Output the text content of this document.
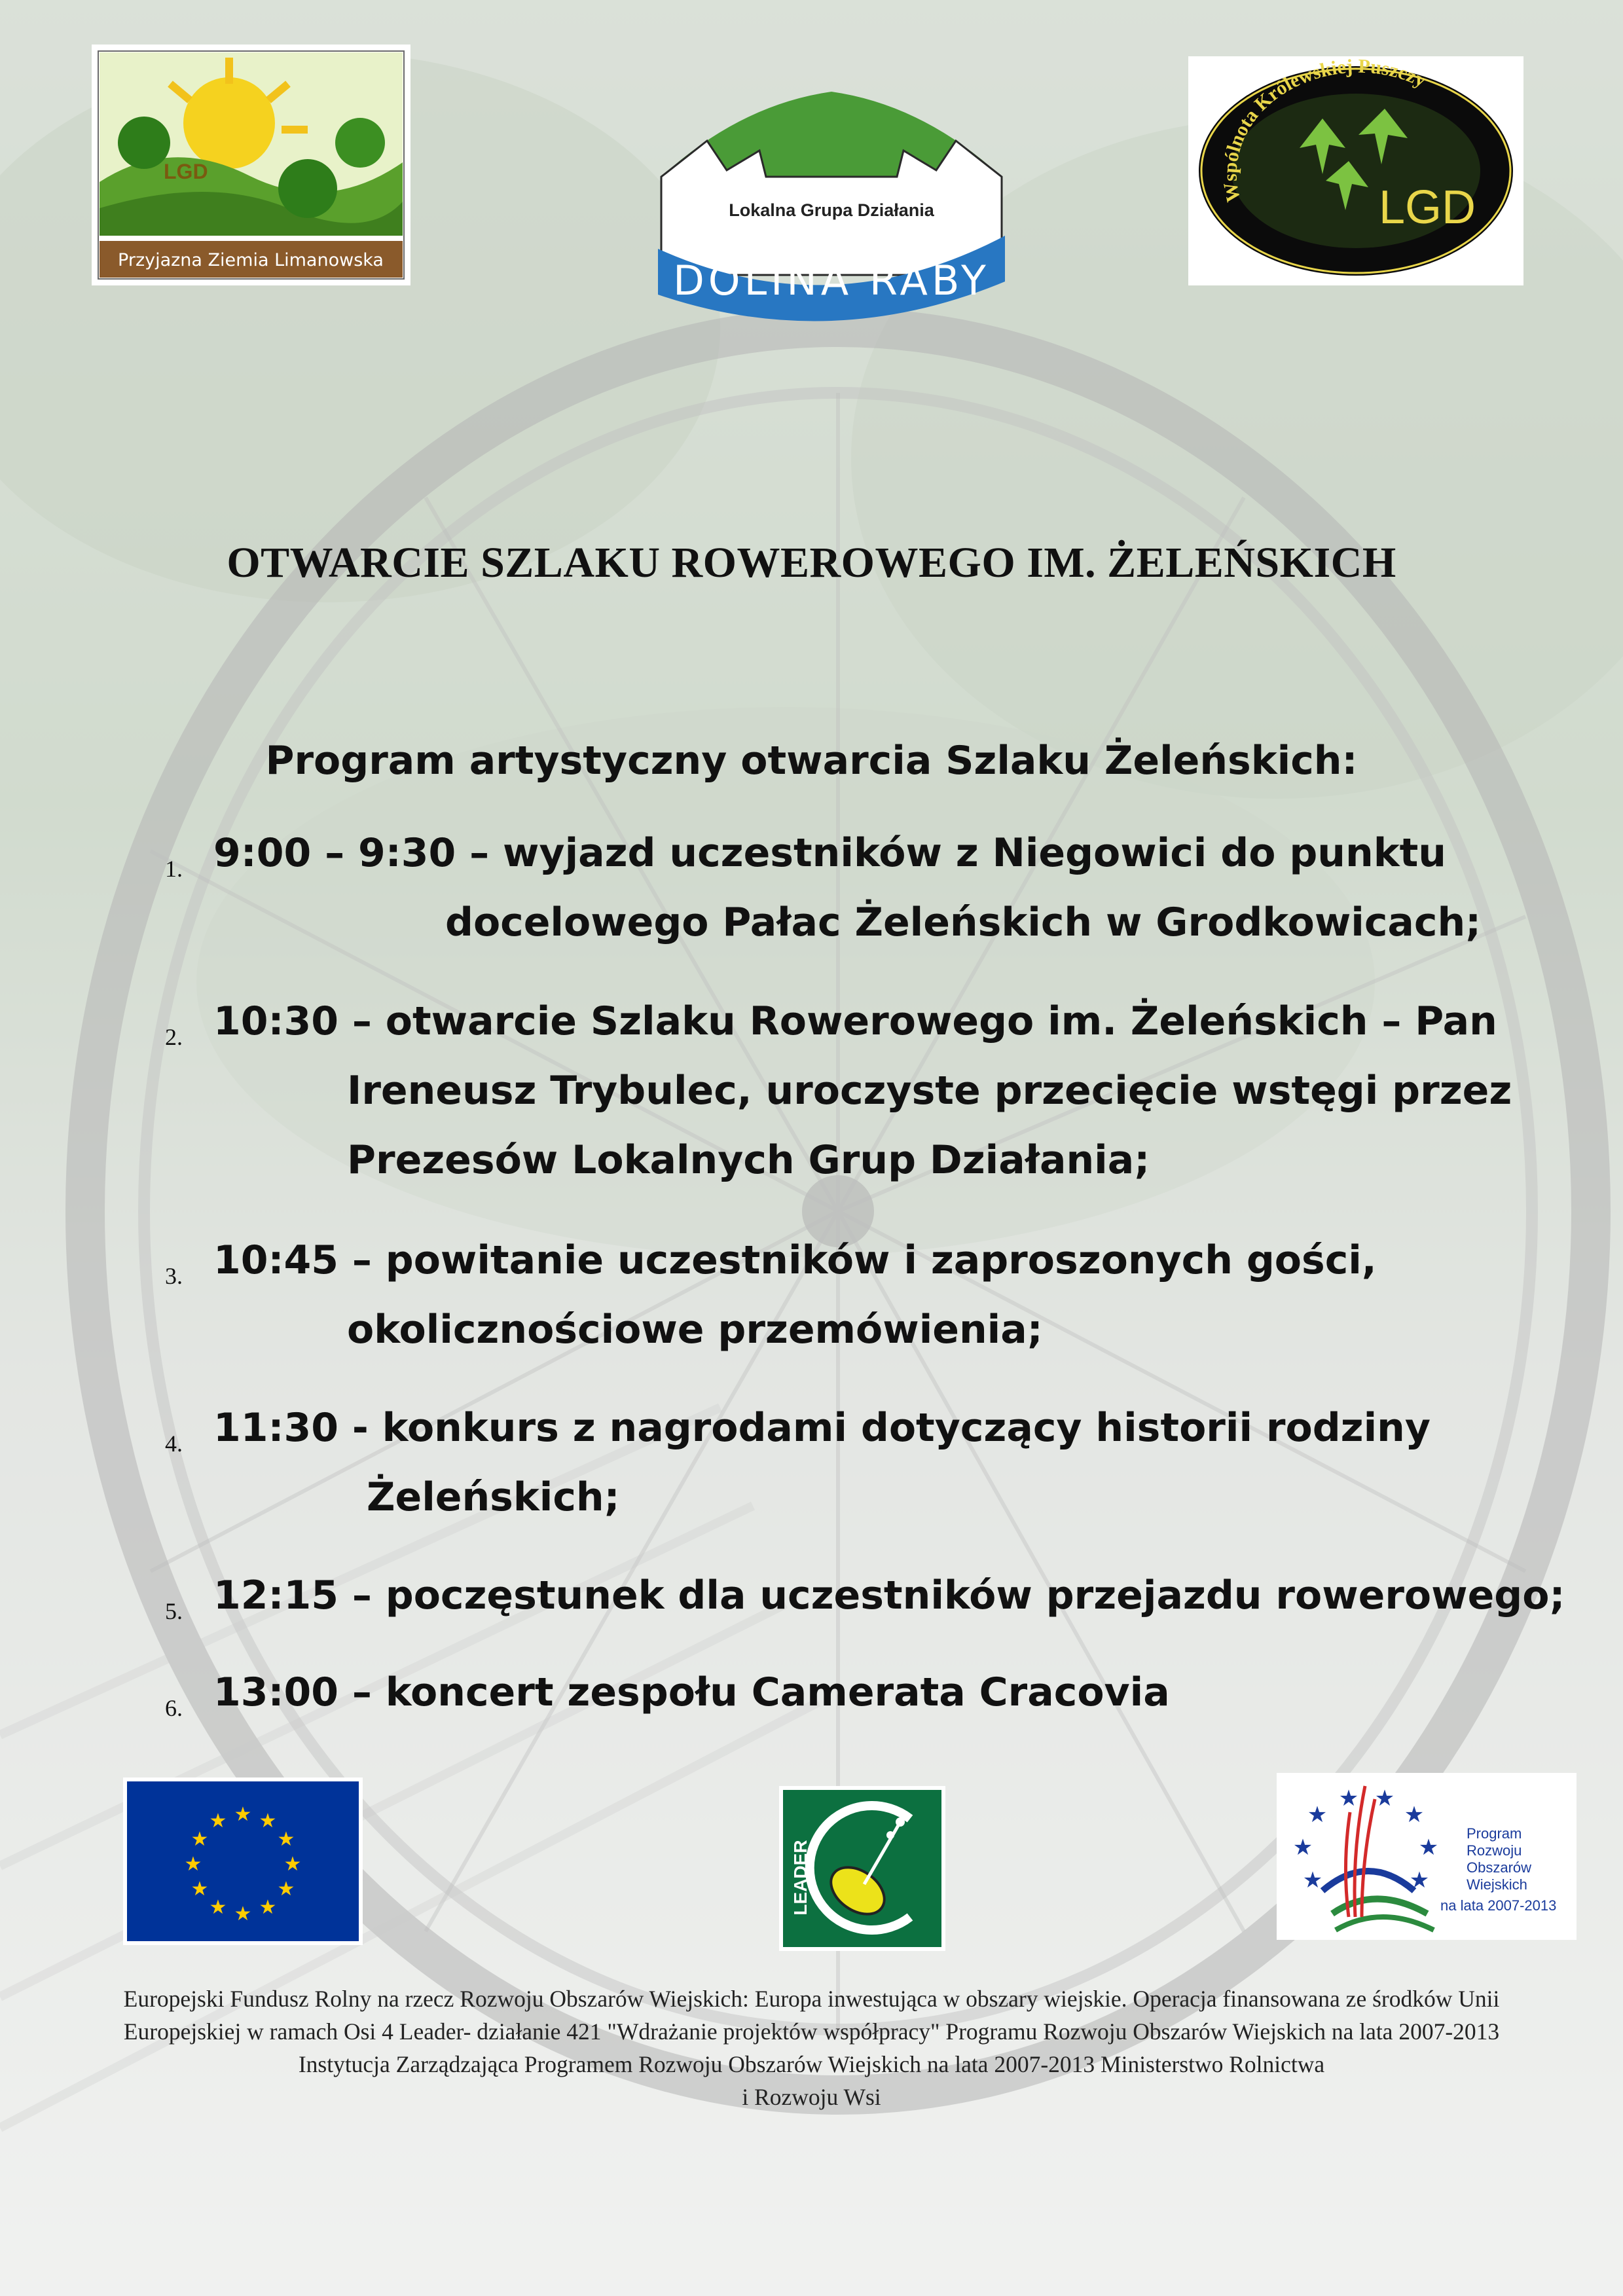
LGD
Przyjazna Ziemia Limanowska
Lokalna Grupa Działania
DOLINA RABY
Wspólnota Królewskiej Puszczy
LGD
OTWARCIE SZLAKU ROWEROWEGO IM. ŻELEŃSKICH
Program artystyczny otwarcia Szlaku Żeleńskich:
1. 9:00 – 9:30 – wyjazd uczestników z Niegowici do punktu
docelowego Pałac Żeleńskich w Grodkowicach;
2. 10:30 – otwarcie Szlaku Rowerowego im. Żeleńskich – Pan
Ireneusz Trybulec, uroczyste przecięcie wstęgi przez
Prezesów Lokalnych Grup Działania;
3. 10:45 – powitanie uczestników i zaproszonych gości,
okolicznościowe przemówienia;
4. 11:30 - konkurs z nagrodami dotyczący historii rodziny
Żeleńskich;
5. 12:15 – poczęstunek dla uczestników przejazdu rowerowego;
6. 13:00 – koncert zespołu Camerata Cracovia
★ ★
★
★
★
★
★
★
★
★
★
★
LEADER	★
★
★ ★
★
★
★	★
Program
Rozwoju
Obszarów
Wiejskich
na lata 2007-2013
Europejski Fundusz Rolny na rzecz Rozwoju Obszarów Wiejskich: Europa inwestująca w obszary wiejskie. Operacja finansowana ze środków Unii
Europejskiej w ramach Osi 4 Leader- działanie 421 "Wdrażanie projektów współpracy" Programu Rozwoju Obszarów Wiejskich na lata 2007-2013
Instytucja Zarządzająca Programem Rozwoju Obszarów Wiejskich na lata 2007-2013 Ministerstwo Rolnictwa
i Rozwoju Wsi
